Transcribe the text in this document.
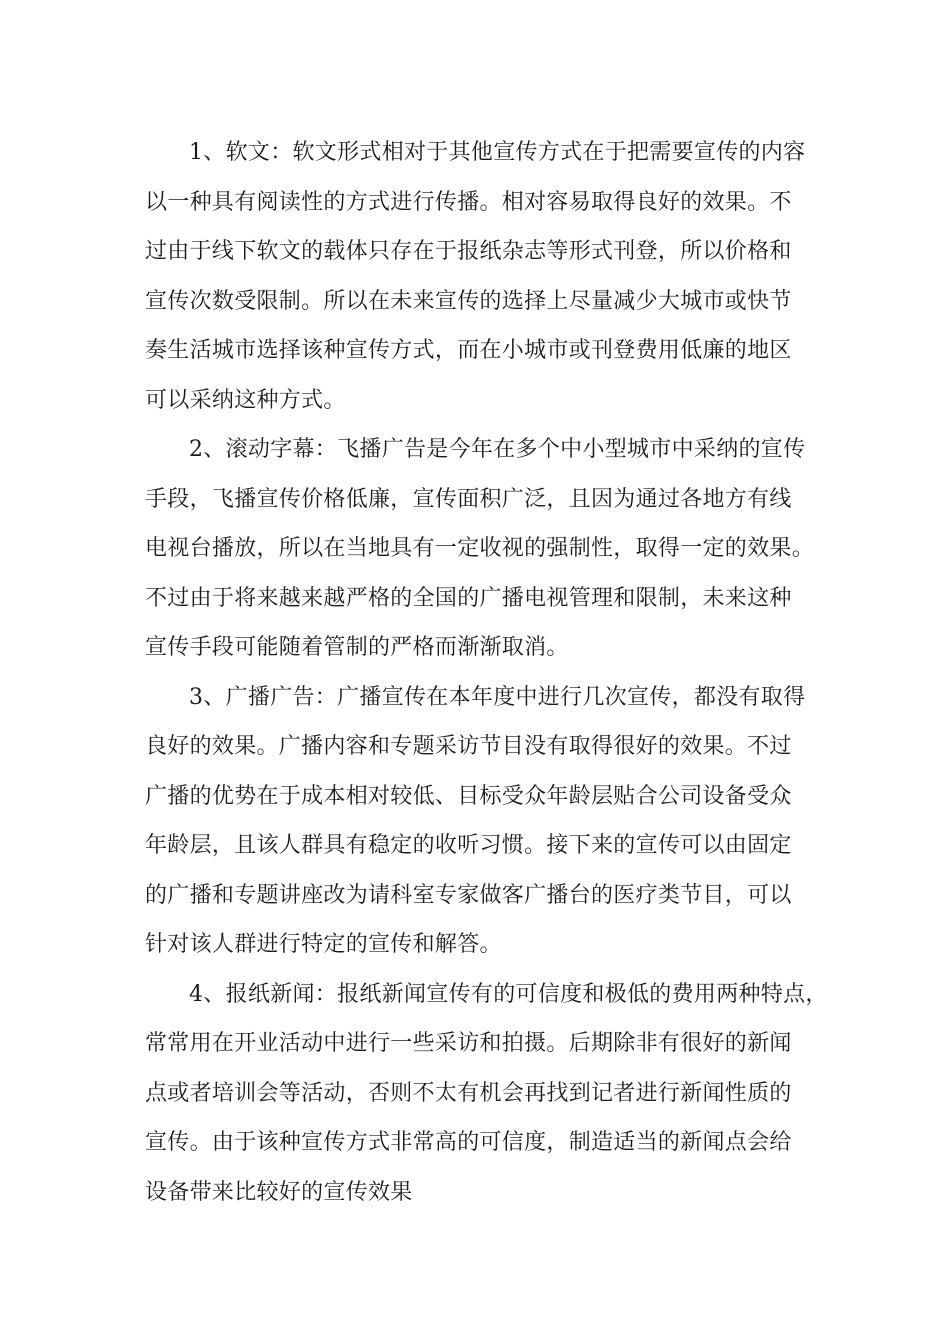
1、软文：软文形式相对于其他宣传方式在于把需要宣传的内容
以一种具有阅读性的方式进行传播。相对容易取得良好的效果。不
过由于线下软文的载体只存在于报纸杂志等形式刊登，所以价格和
宣传次数受限制。所以在未来宣传的选择上尽量减少大城市或快节
奏生活城市选择该种宣传方式，而在小城市或刊登费用低廉的地区
可以采纳这种方式。
2、滚动字幕：飞播广告是今年在多个中小型城市中采纳的宣传
手段，飞播宣传价格低廉，宣传面积广泛，且因为通过各地方有线
电视台播放，所以在当地具有一定收视的强制性，取得一定的效果。
不过由于将来越来越严格的全国的广播电视管理和限制，未来这种
宣传手段可能随着管制的严格而渐渐取消。
3、广播广告：广播宣传在本年度中进行几次宣传，都没有取得
良好的效果。广播内容和专题采访节目没有取得很好的效果。不过
广播的优势在于成本相对较低、目标受众年龄层贴合公司设备受众
年龄层，且该人群具有稳定的收听习惯。接下来的宣传可以由固定
的广播和专题讲座改为请科室专家做客广播台的医疗类节目，可以
针对该人群进行特定的宣传和解答。
4、报纸新闻：报纸新闻宣传有的可信度和极低的费用两种特点，
常常用在开业活动中进行一些采访和拍摄。后期除非有很好的新闻
点或者培训会等活动，否则不太有机会再找到记者进行新闻性质的
宣传。由于该种宣传方式非常高的可信度，制造适当的新闻点会给
设备带来比较好的宣传效果
